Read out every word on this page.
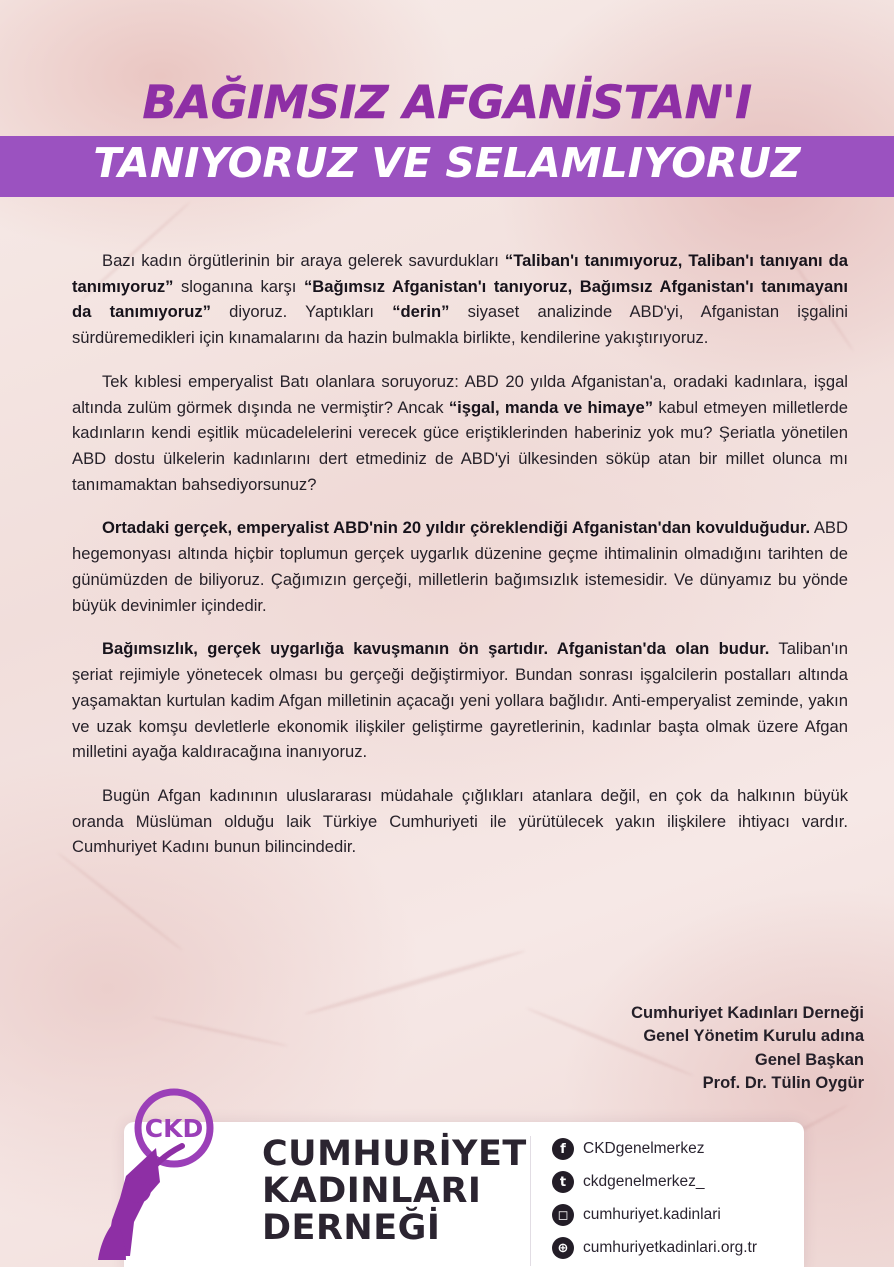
BAĞIMSIZ AFGANİSTAN'I
TANIYORUZ VE SELAMLIYORUZ

Bazı kadın örgütlerinin bir araya gelerek savurdukları “Taliban'ı tanımıyoruz, Taliban'ı tanıyanı da tanımıyoruz” sloganına karşı “Bağımsız Afganistan'ı tanıyoruz, Bağımsız Afganistan'ı tanımayanı da tanımıyoruz” diyoruz. Yaptıkları “derin” siyaset analizinde ABD'yi, Afganistan işgalini sürdüremedikleri için kınamalarını da hazin bulmakla birlikte, kendilerine yakıştırıyoruz.

Tek kıblesi emperyalist Batı olanlara soruyoruz: ABD 20 yılda Afganistan'a, oradaki kadınlara, işgal altında zulüm görmek dışında ne vermiştir? Ancak “işgal, manda ve himaye” kabul etmeyen milletlerde kadınların kendi eşitlik mücadelelerini verecek güce eriştiklerinden haberiniz yok mu? Şeriatla yönetilen ABD dostu ülkelerin kadınlarını dert etmediniz de ABD'yi ülkesinden söküp atan bir millet olunca mı tanımamaktan bahsediyorsunuz?

Ortadaki gerçek, emperyalist ABD'nin 20 yıldır çöreklendiği Afganistan'dan kovulduğudur. ABD hegemonyası altında hiçbir toplumun gerçek uygarlık düzenine geçme ihtimalinin olmadığını tarihten de günümüzden de biliyoruz. Çağımızın gerçeği, milletlerin bağımsızlık istemesidir. Ve dünyamız bu yönde büyük devinimler içindedir.

Bağımsızlık, gerçek uygarlığa kavuşmanın ön şartıdır. Afganistan'da olan budur. Taliban'ın şeriat rejimiyle yönetecek olması bu gerçeği değiştirmiyor. Bundan sonrası işgalcilerin postalları altında yaşamaktan kurtulan kadim Afgan milletinin açacağı yeni yollara bağlıdır. Anti-emperyalist zeminde, yakın ve uzak komşu devletlerle ekonomik ilişkiler geliştirme gayretlerinin, kadınlar başta olmak üzere Afgan milletini ayağa kaldıracağına inanıyoruz.

Bugün Afgan kadınının uluslararası müdahale çığlıkları atanlara değil, en çok da halkının büyük oranda Müslüman olduğu laik Türkiye Cumhuriyeti ile yürütülecek yakın ilişkilere ihtiyacı vardır. Cumhuriyet Kadını bunun bilincindedir.

Cumhuriyet Kadınları Derneği
Genel Yönetim Kurulu adına
Genel Başkan
Prof. Dr. Tülin Oygür
CKD
CUMHURİYET
KADINLARI
DERNEĞİ
f	CKDgenelmerkez
t	ckdgenelmerkez_
◻ cumhuriyet.kadinlari
⊕ cumhuriyetkadinlari.org.tr
